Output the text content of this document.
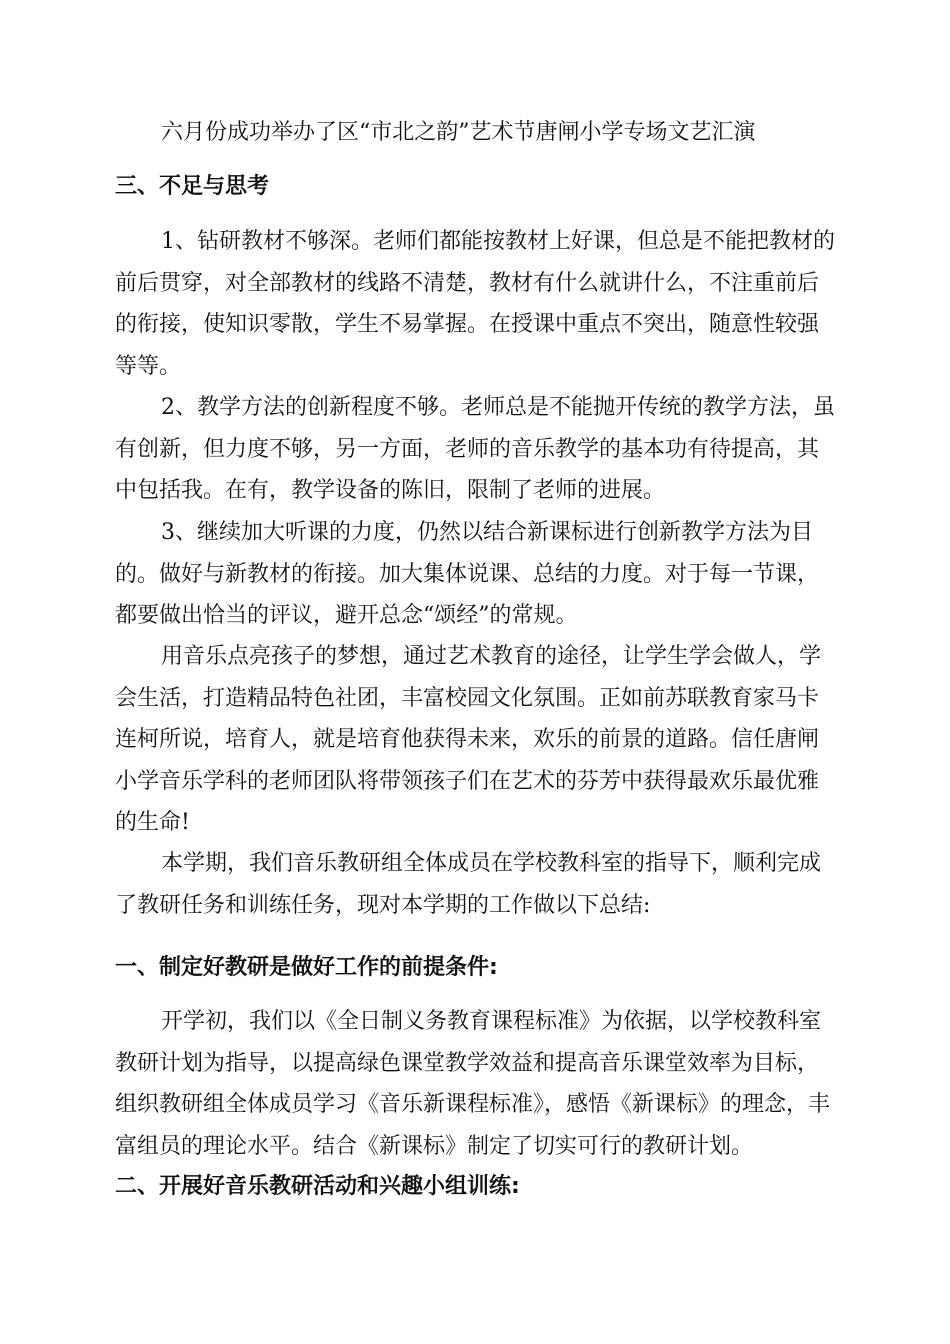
六月份成功举办了区“市北之韵”艺术节唐闸小学专场文艺汇演

三、不足与思考

1、钻研教材不够深。老师们都能按教材上好课，但总是不能把教材的前后贯穿，对全部教材的线路不清楚，教材有什么就讲什么，不注重前后的衔接，使知识零散，学生不易掌握。在授课中重点不突出，随意性较强等等。

2、教学方法的创新程度不够。老师总是不能抛开传统的教学方法，虽有创新，但力度不够，另一方面，老师的音乐教学的基本功有待提高，其中包括我。在有，教学设备的陈旧，限制了老师的进展。

3、继续加大听课的力度，仍然以结合新课标进行创新教学方法为目的。做好与新教材的衔接。加大集体说课、总结的力度。对于每一节课，都要做出恰当的评议，避开总念“颂经”的常规。

用音乐点亮孩子的梦想，通过艺术教育的途径，让学生学会做人，学会生活，打造精品特色社团，丰富校园文化氛围。正如前苏联教育家马卡连柯所说，培育人，就是培育他获得未来，欢乐的前景的道路。信任唐闸小学音乐学科的老师团队将带领孩子们在艺术的芬芳中获得最欢乐最优雅的生命!

本学期，我们音乐教研组全体成员在学校教科室的指导下，顺利完成了教研任务和训练任务，现对本学期的工作做以下总结:

一、制定好教研是做好工作的前提条件:

开学初，我们以《全日制义务教育课程标准》为依据，以学校教科室教研计划为指导，以提高绿色课堂教学效益和提高音乐课堂效率为目标，组织教研组全体成员学习《音乐新课程标准》，感悟《新课标》的理念，丰富组员的理论水平。结合《新课标》制定了切实可行的教研计划。

二、开展好音乐教研活动和兴趣小组训练:
